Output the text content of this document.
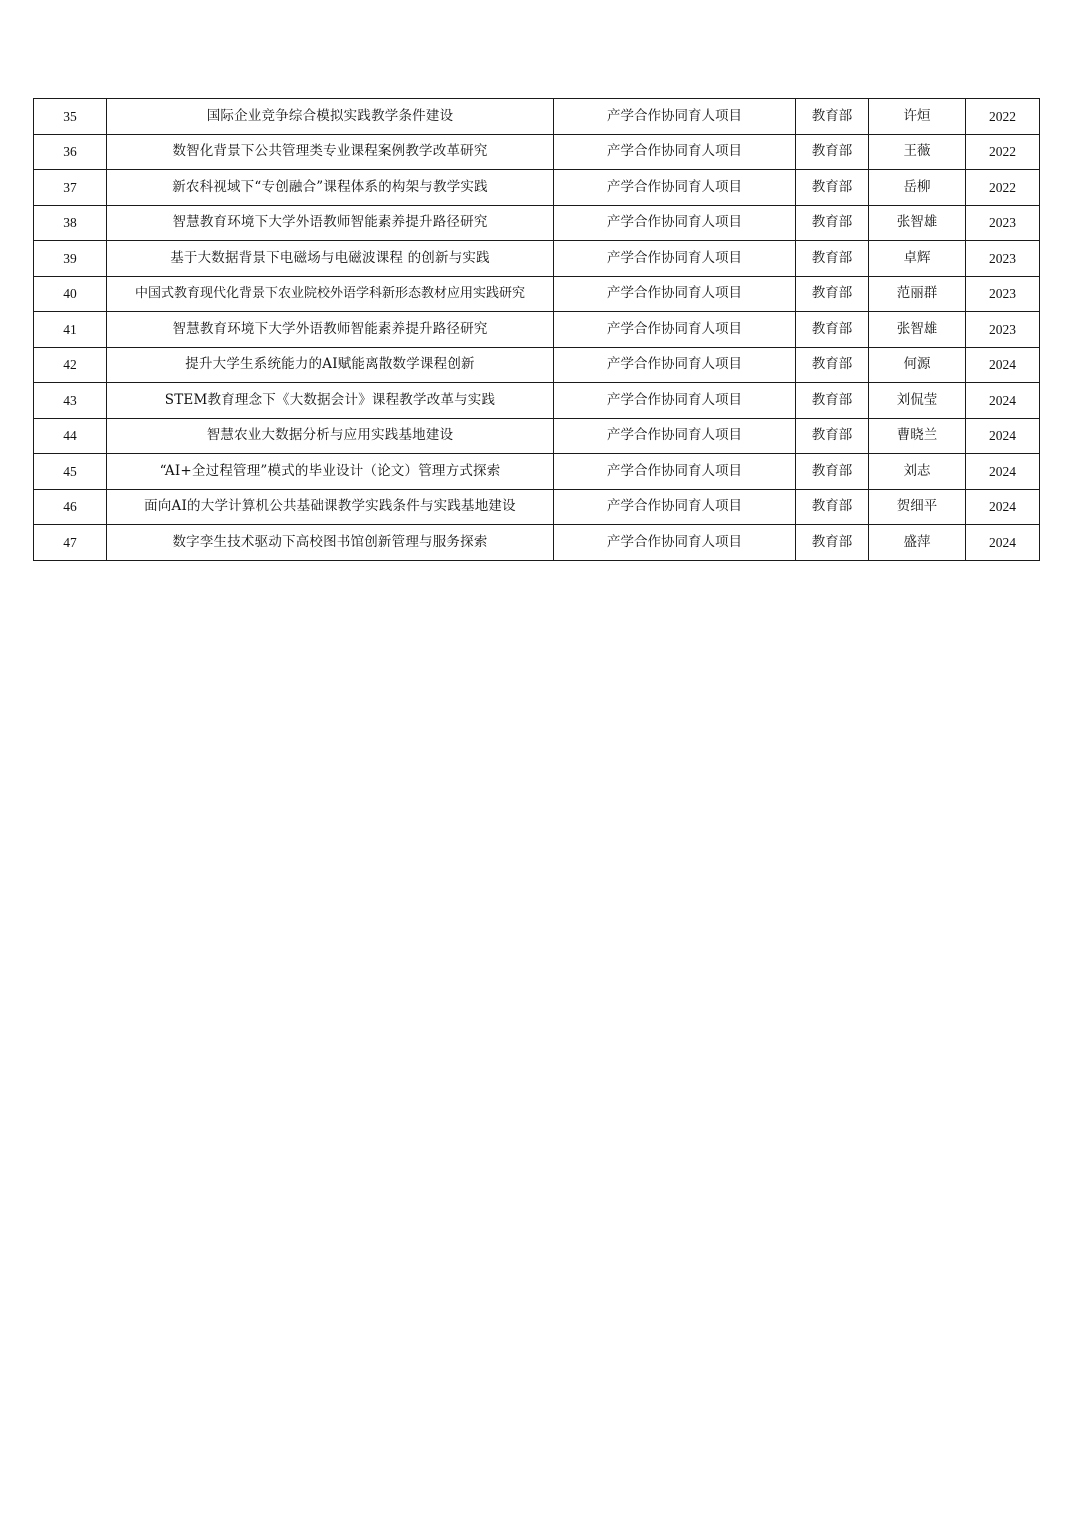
35	国际企业竞争综合模拟实践教学条件建设	产学合作协同育人项目	教育部	许烜	2022
36	数智化背景下公共管理类专业课程案例教学改革研究	产学合作协同育人项目	教育部	王薇	2022
37	新农科视域下“专创融合”课程体系的构架与教学实践	产学合作协同育人项目	教育部	岳柳	2022
38	智慧教育环境下大学外语教师智能素养提升路径研究	产学合作协同育人项目	教育部	张智雄	2023
39	基于大数据背景下电磁场与电磁波课程 的创新与实践	产学合作协同育人项目	教育部	卓辉	2023
40	中国式教育现代化背景下农业院校外语学科新形态教材应用实践研究	产学合作协同育人项目	教育部	范丽群	2023
41	智慧教育环境下大学外语教师智能素养提升路径研究	产学合作协同育人项目	教育部	张智雄	2023
42	提升大学生系统能力的AI赋能离散数学课程创新	产学合作协同育人项目	教育部	何源	2024
43	STEM教育理念下《大数据会计》课程教学改革与实践	产学合作协同育人项目	教育部	刘侃莹	2024
44	智慧农业大数据分析与应用实践基地建设	产学合作协同育人项目	教育部	曹晓兰	2024
45	“AI+全过程管理”模式的毕业设计（论文）管理方式探索	产学合作协同育人项目	教育部	刘志	2024
46	面向AI的大学计算机公共基础课教学实践条件与实践基地建设	产学合作协同育人项目	教育部	贺细平	2024
47	数字孪生技术驱动下高校图书馆创新管理与服务探索	产学合作协同育人项目	教育部	盛萍	2024
